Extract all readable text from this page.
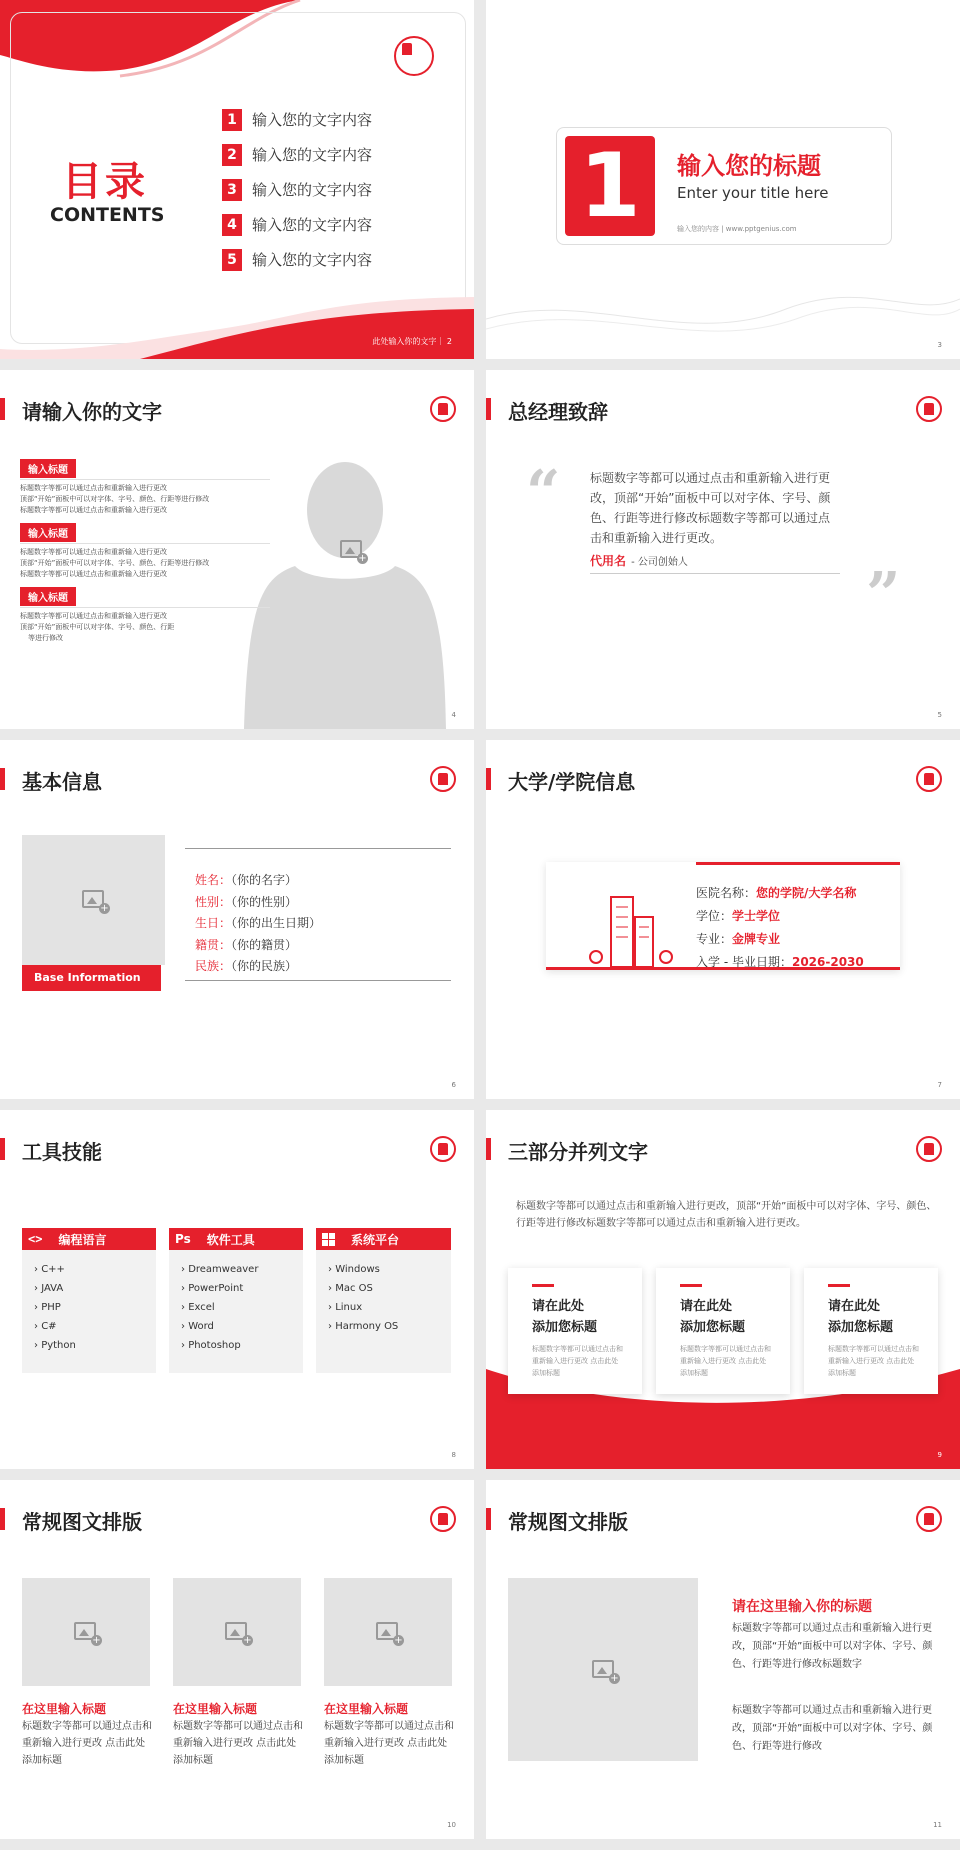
目录
CONTENTS
1	输入您的文字内容
2	输入您的文字内容
3	输入您的文字内容
4	输入您的文字内容
5	输入您的文字内容
此处输入你的文字｜ 2
1	输入您的标题
Enter your title here
输入您的内容 | www.pptgenius.com
3
请输入你的文字
+
输入标题
标题数字等都可以通过点击和重新输入进行更改
顶部“开始”面板中可以对字体、字号、颜色、行距等进行修改
标题数字等都可以通过点击和重新输入进行更改
输入标题
标题数字等都可以通过点击和重新输入进行更改
顶部“开始”面板中可以对字体、字号、颜色、行距等进行修改
标题数字等都可以通过点击和重新输入进行更改
输入标题
标题数字等都可以通过点击和重新输入进行更改
顶部“开始”面板中可以对字体、字号、颜色、行距
等进行修改
4
总经理致辞
“ 标题数字等都可以通过点击和重新输入进行更改，顶部“开始”面板中可以对字体、字号、颜色、行距等进行修改标题数字等都可以通过点击和重新输入进行更改。
代用名 - 公司创始人	”
5
基本信息
+
Base Information
姓名：（你的名字）
性别：（你的性别）
生日：（你的出生日期）
籍贯：（你的籍贯）
民族：（你的民族）
6
大学/学院信息
医院名称：您的学院/大学名称
学位：学士学位
专业：金牌专业
入学 - 毕业日期：2026-2030
7
工具技能
<> 编程语言
› C++
› JAVA
› PHP
› C#
› Python
Ps 软件工具
› Dreamweaver
› PowerPoint
› Excel
› Word
› Photoshop
系统平台
› Windows
› Mac OS
› Linux
› Harmony OS
8
三部分并列文字
标题数字等都可以通过点击和重新输入进行更改，顶部“开始”面板中可以对字体、字号、颜色、行距等进行修改标题数字等都可以通过点击和重新输入进行更改。
请在此处
添加您标题
标题数字等都可以通过点击和重新输入进行更改 点击此处添加标题
请在此处
添加您标题
标题数字等都可以通过点击和重新输入进行更改 点击此处添加标题
请在此处
添加您标题
标题数字等都可以通过点击和重新输入进行更改 点击此处添加标题
9
常规图文排版
+
在这里输入标题
标题数字等都可以通过点击和重新输入进行更改 点击此处添加标题
+
在这里输入标题
标题数字等都可以通过点击和重新输入进行更改 点击此处添加标题
+
在这里输入标题
标题数字等都可以通过点击和重新输入进行更改 点击此处添加标题
10
常规图文排版
+
请在这里输入你的标题
标题数字等都可以通过点击和重新输入进行更改，顶部“开始”面板中可以对字体、字号、颜色、行距等进行修改标题数字
标题数字等都可以通过点击和重新输入进行更改，顶部“开始”面板中可以对字体、字号、颜色、行距等进行修改
11
